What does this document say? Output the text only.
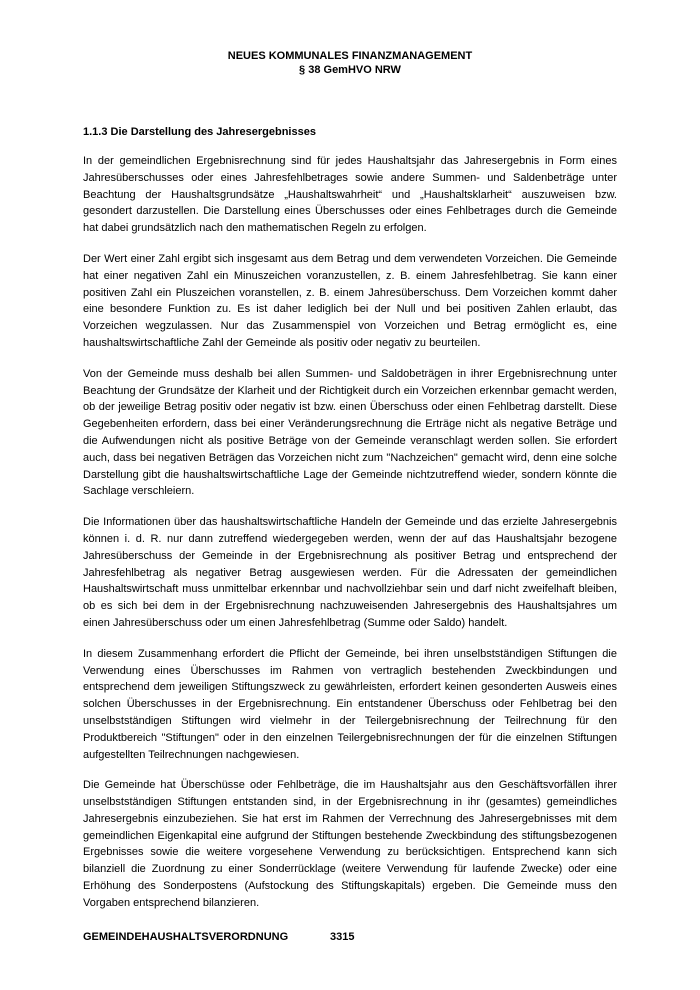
NEUES KOMMUNALES FINANZMANAGEMENT
§ 38 GemHVO NRW
1.1.3 Die Darstellung des Jahresergebnisses

In der gemeindlichen Ergebnisrechnung sind für jedes Haushaltsjahr das Jahresergebnis in Form eines Jahresüberschusses oder eines Jahresfehlbetrages sowie andere Summen- und Saldenbeträge unter Beachtung der Haushaltsgrundsätze „Haushaltswahrheit“ und „Haushaltsklarheit“ auszuweisen bzw. gesondert darzustellen. Die Darstellung eines Überschusses oder eines Fehlbetrages durch die Gemeinde hat dabei grundsätzlich nach den mathematischen Regeln zu erfolgen.

Der Wert einer Zahl ergibt sich insgesamt aus dem Betrag und dem verwendeten Vorzeichen. Die Gemeinde hat einer negativen Zahl ein Minuszeichen voranzustellen, z. B. einem Jahresfehlbetrag. Sie kann einer positiven Zahl ein Pluszeichen voranstellen, z. B. einem Jahresüberschuss. Dem Vorzeichen kommt daher eine besondere Funktion zu. Es ist daher lediglich bei der Null und bei positiven Zahlen erlaubt, das Vorzeichen wegzulassen. Nur das Zusammenspiel von Vorzeichen und Betrag ermöglicht es, eine haushaltswirtschaftliche Zahl der Gemeinde als positiv oder negativ zu beurteilen.

Von der Gemeinde muss deshalb bei allen Summen- und Saldobeträgen in ihrer Ergebnisrechnung unter Beachtung der Grundsätze der Klarheit und der Richtigkeit durch ein Vorzeichen erkennbar gemacht werden, ob der jeweilige Betrag positiv oder negativ ist bzw. einen Überschuss oder einen Fehlbetrag darstellt. Diese Gegebenheiten erfordern, dass bei einer Veränderungsrechnung die Erträge nicht als negative Beträge und die Aufwendungen nicht als positive Beträge von der Gemeinde veranschlagt werden sollen. Sie erfordert auch, dass bei negativen Beträgen das Vorzeichen nicht zum "Nachzeichen" gemacht wird, denn eine solche Darstellung gibt die haushaltswirtschaftliche Lage der Gemeinde nichtzutreffend wieder, sondern könnte die Sachlage verschleiern.

Die Informationen über das haushaltswirtschaftliche Handeln der Gemeinde und das erzielte Jahresergebnis können i. d. R. nur dann zutreffend wiedergegeben werden, wenn der auf das Haushaltsjahr bezogene Jahresüberschuss der Gemeinde in der Ergebnisrechnung als positiver Betrag und entsprechend der Jahresfehlbetrag als negativer Betrag ausgewiesen werden. Für die Adressaten der gemeindlichen Haushaltswirtschaft muss unmittelbar erkennbar und nachvollziehbar sein und darf nicht zweifelhaft bleiben, ob es sich bei dem in der Ergebnisrechnung nachzuweisenden Jahresergebnis des Haushaltsjahres um einen Jahresüberschuss oder um einen Jahresfehlbetrag (Summe oder Saldo) handelt.

In diesem Zusammenhang erfordert die Pflicht der Gemeinde, bei ihren unselbstständigen Stiftungen die Verwendung eines Überschusses im Rahmen von vertraglich bestehenden Zweckbindungen und entsprechend dem jeweiligen Stiftungszweck zu gewährleisten, erfordert keinen gesonderten Ausweis eines solchen Überschusses in der Ergebnisrechnung. Ein entstandener Überschuss oder Fehlbetrag bei den unselbstständigen Stiftungen wird vielmehr in der Teilergebnisrechnung der Teilrechnung für den Produktbereich "Stiftungen" oder in den einzelnen Teilergebnisrechnungen der für die einzelnen Stiftungen aufgestellten Teilrechnungen nachgewiesen.

Die Gemeinde hat Überschüsse oder Fehlbeträge, die im Haushaltsjahr aus den Geschäftsvorfällen ihrer unselbstständigen Stiftungen entstanden sind, in der Ergebnisrechnung in ihr (gesamtes) gemeindliches Jahresergebnis einzubeziehen. Sie hat erst im Rahmen der Verrechnung des Jahresergebnisses mit dem gemeindlichen Eigenkapital eine aufgrund der Stiftungen bestehende Zweckbindung des stiftungsbezogenen Ergebnisses sowie die weitere vorgesehene Verwendung zu berücksichtigen. Entsprechend kann sich bilanziell die Zuordnung zu einer Sonderrücklage (weitere Verwendung für laufende Zwecke) oder eine Erhöhung des Sonderpostens (Aufstockung des Stiftungskapitals) ergeben. Die Gemeinde muss den Vorgaben entsprechend bilanzieren.

GEMEINDEHAUSHALTSVERORDNUNG	3315
